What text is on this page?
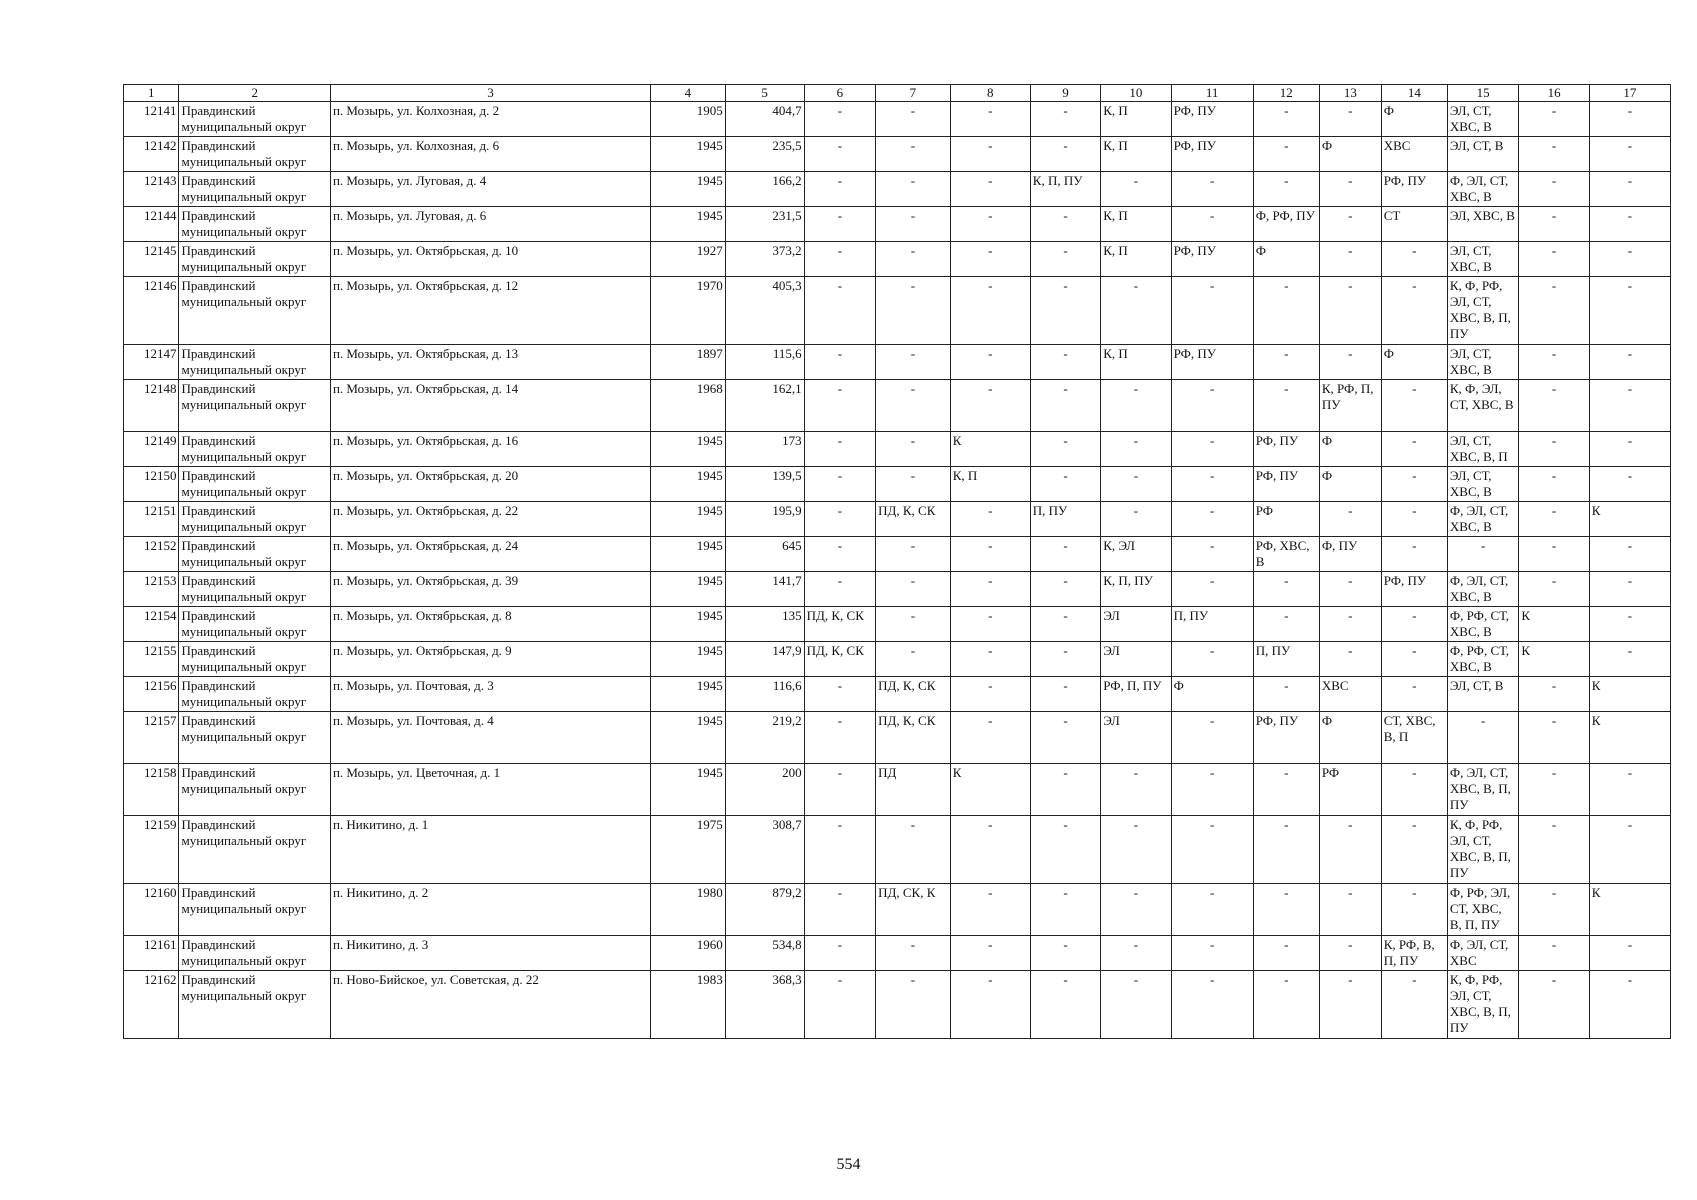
1	2	3	4	5	6	7	8	9	10	11	12	13	14	15	16	17
12141	Правдинский муниципальный округ	п. Мозырь, ул. Колхозная, д. 2	1905	404,7	-	-	-	-	К, П	РФ, ПУ	-	-	Ф	ЭЛ, СТ, ХВС, В	-	-
12142	Правдинский муниципальный округ	п. Мозырь, ул. Колхозная, д. 6	1945	235,5	-	-	-	-	К, П	РФ, ПУ	-	Ф	ХВС	ЭЛ, СТ, В	-	-
12143	Правдинский муниципальный округ	п. Мозырь, ул. Луговая, д. 4	1945	166,2	-	-	-	К, П, ПУ	-	-	-	-	РФ, ПУ	Ф, ЭЛ, СТ, ХВС, В	-	-
12144	Правдинский муниципальный округ	п. Мозырь, ул. Луговая, д. 6	1945	231,5	-	-	-	-	К, П	-	Ф, РФ, ПУ	-	СТ	ЭЛ, ХВС, В	-	-
12145	Правдинский муниципальный округ	п. Мозырь, ул. Октябрьская, д. 10	1927	373,2	-	-	-	-	К, П	РФ, ПУ	Ф	-	-	ЭЛ, СТ, ХВС, В	-	-
12146	Правдинский муниципальный округ	п. Мозырь, ул. Октябрьская, д. 12	1970	405,3	-	-	-	-	-	-	-	-	-	К, Ф, РФ, ЭЛ, СТ, ХВС, В, П, ПУ	-	-
12147	Правдинский муниципальный округ	п. Мозырь, ул. Октябрьская, д. 13	1897	115,6	-	-	-	-	К, П	РФ, ПУ	-	-	Ф	ЭЛ, СТ, ХВС, В	-	-
12148	Правдинский муниципальный округ	п. Мозырь, ул. Октябрьская, д. 14	1968	162,1	-	-	-	-	-	-	-	К, РФ, П, ПУ	-	К, Ф, ЭЛ, СТ, ХВС, В	-	-
12149	Правдинский муниципальный округ	п. Мозырь, ул. Октябрьская, д. 16	1945	173	-	-	К	-	-	-	РФ, ПУ	Ф	-	ЭЛ, СТ, ХВС, В, П	-	-
12150	Правдинский муниципальный округ	п. Мозырь, ул. Октябрьская, д. 20	1945	139,5	-	-	К, П	-	-	-	РФ, ПУ	Ф	-	ЭЛ, СТ, ХВС, В	-	-
12151	Правдинский муниципальный округ	п. Мозырь, ул. Октябрьская, д. 22	1945	195,9	-	ПД, К, СК	-	П, ПУ	-	-	РФ	-	-	Ф, ЭЛ, СТ, ХВС, В	-	К
12152	Правдинский муниципальный округ	п. Мозырь, ул. Октябрьская, д. 24	1945	645	-	-	-	-	К, ЭЛ	-	РФ, ХВС, В	Ф, ПУ	-	-	-	-
12153	Правдинский муниципальный округ	п. Мозырь, ул. Октябрьская, д. 39	1945	141,7	-	-	-	-	К, П, ПУ	-	-	-	РФ, ПУ	Ф, ЭЛ, СТ, ХВС, В	-	-
12154	Правдинский муниципальный округ	п. Мозырь, ул. Октябрьская, д. 8	1945	135	ПД, К, СК	-	-	-	ЭЛ	П, ПУ	-	-	-	Ф, РФ, СТ, ХВС, В	К	-
12155	Правдинский муниципальный округ	п. Мозырь, ул. Октябрьская, д. 9	1945	147,9	ПД, К, СК	-	-	-	ЭЛ	-	П, ПУ	-	-	Ф, РФ, СТ, ХВС, В	К	-
12156	Правдинский муниципальный округ	п. Мозырь, ул. Почтовая, д. 3	1945	116,6	-	ПД, К, СК	-	-	РФ, П, ПУ	Ф	-	ХВС	-	ЭЛ, СТ, В	-	К
12157	Правдинский муниципальный округ	п. Мозырь, ул. Почтовая, д. 4	1945	219,2	-	ПД, К, СК	-	-	ЭЛ	-	РФ, ПУ	Ф	СТ, ХВС, В, П	-	-	К
12158	Правдинский муниципальный округ	п. Мозырь, ул. Цветочная, д. 1	1945	200	-	ПД	К	-	-	-	-	РФ	-	Ф, ЭЛ, СТ, ХВС, В, П, ПУ	-	-
12159	Правдинский муниципальный округ	п. Никитино, д. 1	1975	308,7	-	-	-	-	-	-	-	-	-	К, Ф, РФ, ЭЛ, СТ, ХВС, В, П, ПУ	-	-
12160	Правдинский муниципальный округ	п. Никитино, д. 2	1980	879,2	-	ПД, СК, К	-	-	-	-	-	-	-	Ф, РФ, ЭЛ, СТ, ХВС, В, П, ПУ	-	К
12161	Правдинский муниципальный округ	п. Никитино, д. 3	1960	534,8	-	-	-	-	-	-	-	-	К, РФ, В, П, ПУ	Ф, ЭЛ, СТ, ХВС	-	-
12162	Правдинский муниципальный округ	п. Ново-Бийское, ул. Советская, д. 22	1983	368,3	-	-	-	-	-	-	-	-	-	К, Ф, РФ, ЭЛ, СТ, ХВС, В, П, ПУ	-	-
554
